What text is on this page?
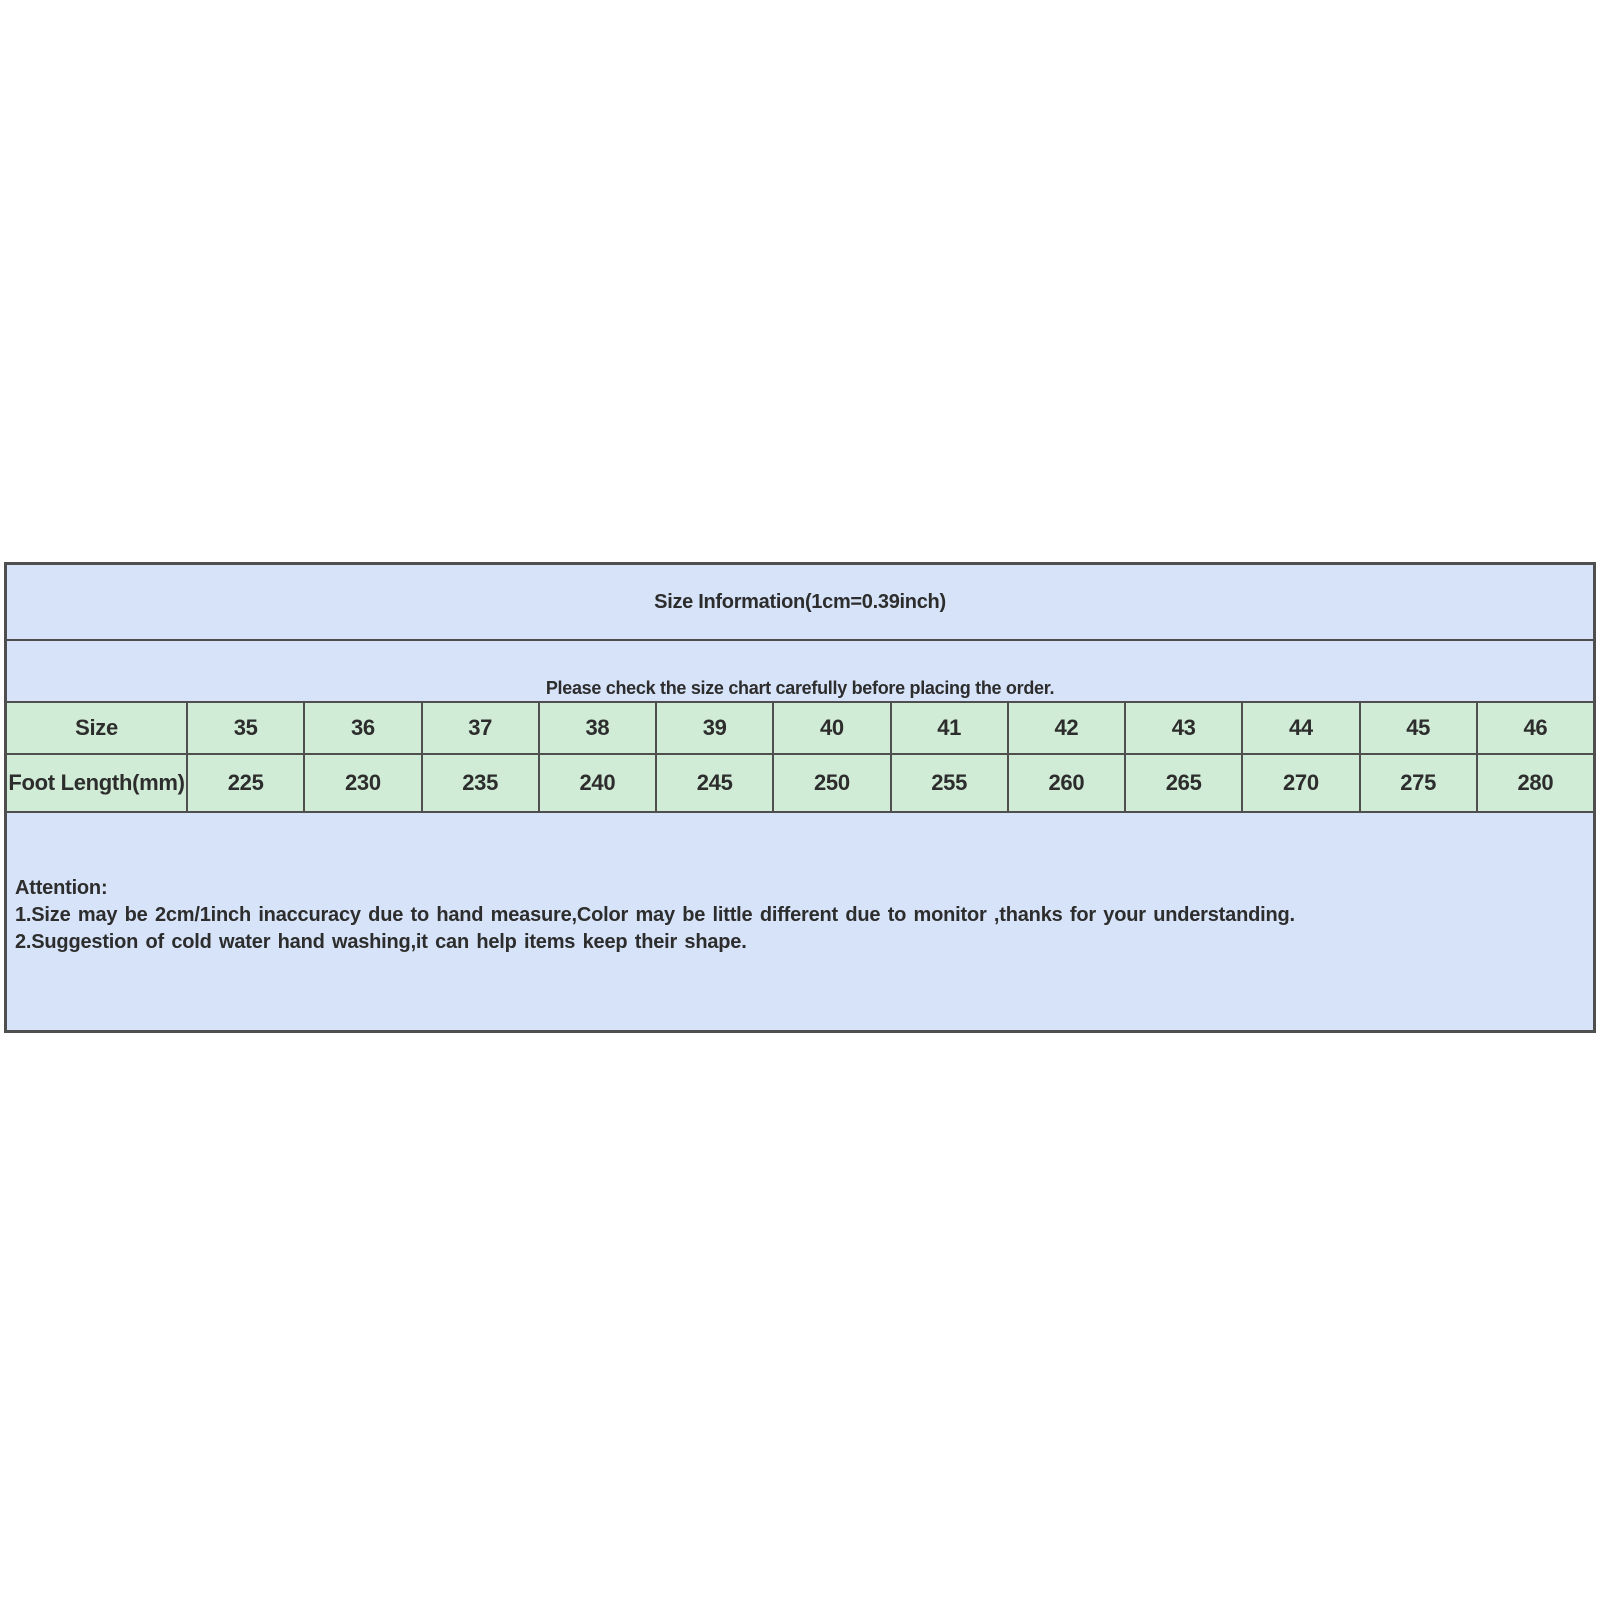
Size Information(1cm=0.39inch)
Please check the size chart carefully before placing the order.
Size	35	36	37	38	39	40	41	42	43	44	45	46
Foot Length(mm)	225	230	235	240	245	250	255	260	265	270	275	280
Attention:
1.Size may be 2cm/1inch inaccuracy due to hand measure,Color may be little different due to monitor ,thanks for your understanding.
2.Suggestion of cold water hand washing,it can help items keep their shape.
